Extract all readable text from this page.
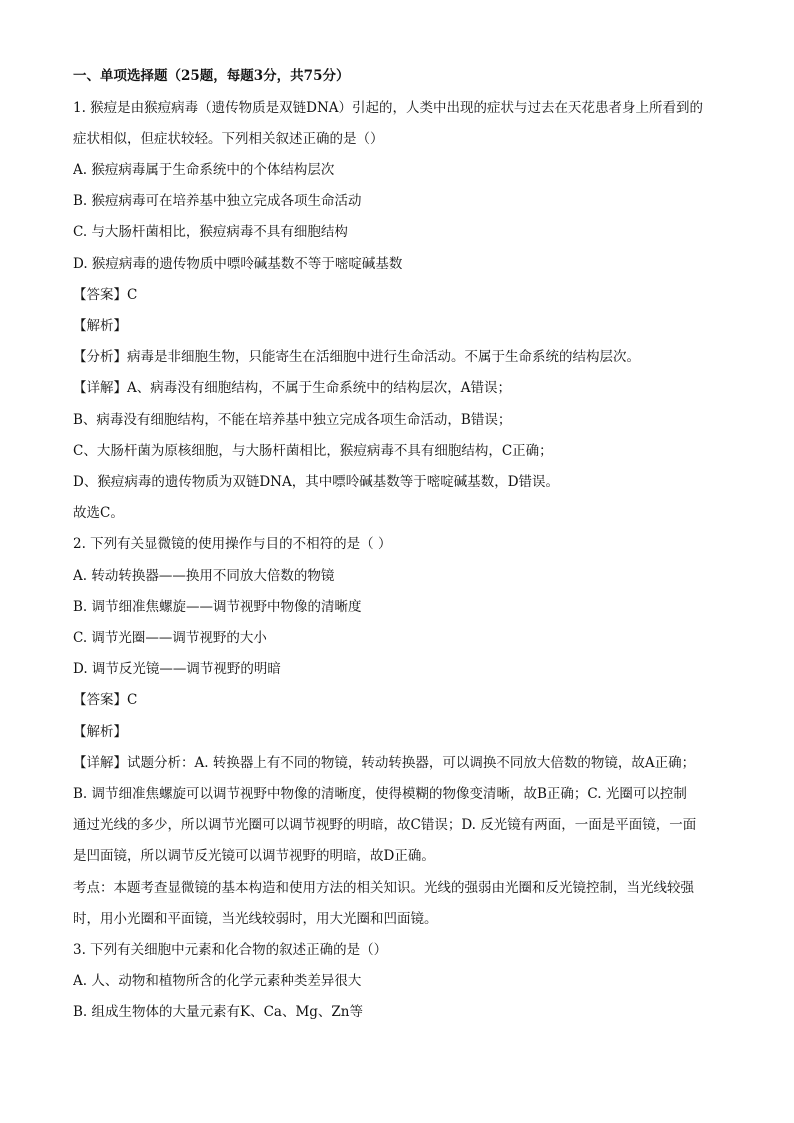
一、单项选择题（25题，每题3分，共75分）
1. 猴痘是由猴痘病毒（遗传物质是双链DNA）引起的，人类中出现的症状与过去在天花患者身上所看到的
症状相似，但症状较轻。下列相关叙述正确的是（）
A. 猴痘病毒属于生命系统中的个体结构层次
B. 猴痘病毒可在培养基中独立完成各项生命活动
C. 与大肠杆菌相比，猴痘病毒不具有细胞结构
D. 猴痘病毒的遗传物质中嘌呤碱基数不等于嘧啶碱基数
【答案】C
【解析】
【分析】病毒是非细胞生物，只能寄生在活细胞中进行生命活动。不属于生命系统的结构层次。
【详解】A、病毒没有细胞结构，不属于生命系统中的结构层次，A错误；
B、病毒没有细胞结构，不能在培养基中独立完成各项生命活动，B错误；
C、大肠杆菌为原核细胞，与大肠杆菌相比，猴痘病毒不具有细胞结构，C正确；
D、猴痘病毒的遗传物质为双链DNA，其中嘌呤碱基数等于嘧啶碱基数，D错误。
故选C。
2. 下列有关显微镜的使用操作与目的不相符的是（ ）
A. 转动转换器——换用不同放大倍数的物镜
B. 调节细准焦螺旋——调节视野中物像的清晰度
C. 调节光圈——调节视野的大小
D. 调节反光镜——调节视野的明暗
【答案】C
【解析】
【详解】试题分析：A. 转换器上有不同的物镜，转动转换器，可以调换不同放大倍数的物镜，故A正确；
B. 调节细准焦螺旋可以调节视野中物像的清晰度，使得模糊的物像变清晰，故B正确；C. 光圈可以控制
通过光线的多少，所以调节光圈可以调节视野的明暗，故C错误；D. 反光镜有两面，一面是平面镜，一面
是凹面镜，所以调节反光镜可以调节视野的明暗，故D正确。
考点：本题考查显微镜的基本构造和使用方法的相关知识。光线的强弱由光圈和反光镜控制，当光线较强
时，用小光圈和平面镜，当光线较弱时，用大光圈和凹面镜。
3. 下列有关细胞中元素和化合物的叙述正确的是（）
A. 人、动物和植物所含的化学元素种类差异很大
B. 组成生物体的大量元素有K、Ca、Mg、Zn等
